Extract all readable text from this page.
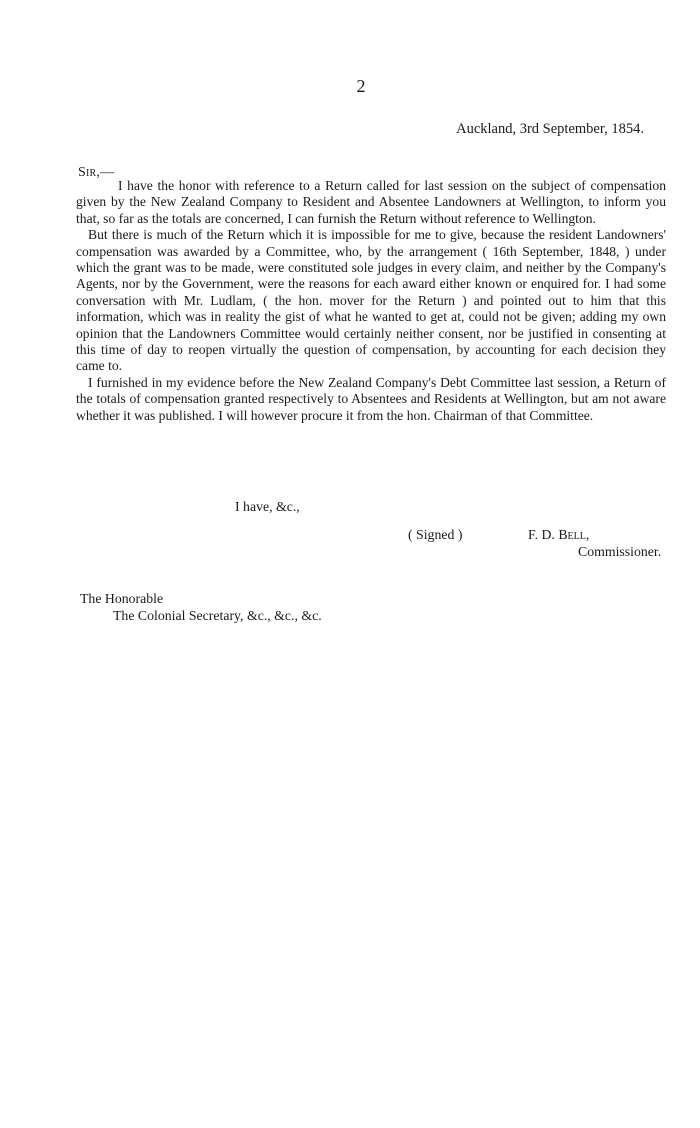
2
Auckland, 3rd September, 1854.
Sir,—

I have the honor with reference to a Return called for last session on the subject of compensation given by the New Zealand Company to Resident and Absentee Landowners at Wellington, to inform you that, so far as the totals are concerned, I can furnish the Return without reference to Wellington.

But there is much of the Return which it is impossible for me to give, because the resident Landowners' compensation was awarded by a Committee, who, by the arrangement ( 16th September, 1848, ) under which the grant was to be made, were constituted sole judges in every claim, and neither by the Company's Agents, nor by the Government, were the reasons for each award either known or enquired for. I had some conversation with Mr. Ludlam, ( the hon. mover for the Return ) and pointed out to him that this information, which was in reality the gist of what he wanted to get at, could not be given; adding my own opinion that the Landowners Committee would certainly neither consent, nor be justified in consenting at this time of day to reopen virtually the question of compensation, by accounting for each decision they came to.

I furnished in my evidence before the New Zealand Company's Debt Committee last session, a Return of the totals of compensation granted respectively to Absentees and Residents at Wellington, but am not aware whether it was published. I will however procure it from the hon. Chairman of that Committee.

I have, &c.,
( Signed )	F. D. Bell,
Commissioner.
The Honorable
The Colonial Secretary, &c., &c., &c.
